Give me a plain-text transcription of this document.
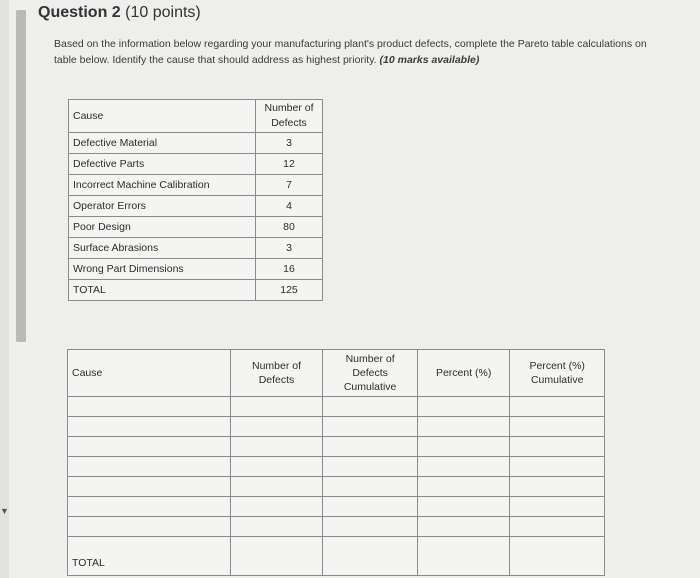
▼
Question 2 (10 points)
Based on the information below regarding your manufacturing plant's product defects, complete the Pareto table calculations on table below. Identify the cause that should address as highest priority. (10 marks available)
Cause	Number of Defects
Defective Material	3
Defective Parts	12
Incorrect Machine Calibration	7
Operator Errors	4
Poor Design	80
Surface Abrasions	3
Wrong Part Dimensions	16
TOTAL	125
Cause	Number of Defects	Number of Defects Cumulative	Percent (%)	Percent (%) Cumulative

TOTAL				
